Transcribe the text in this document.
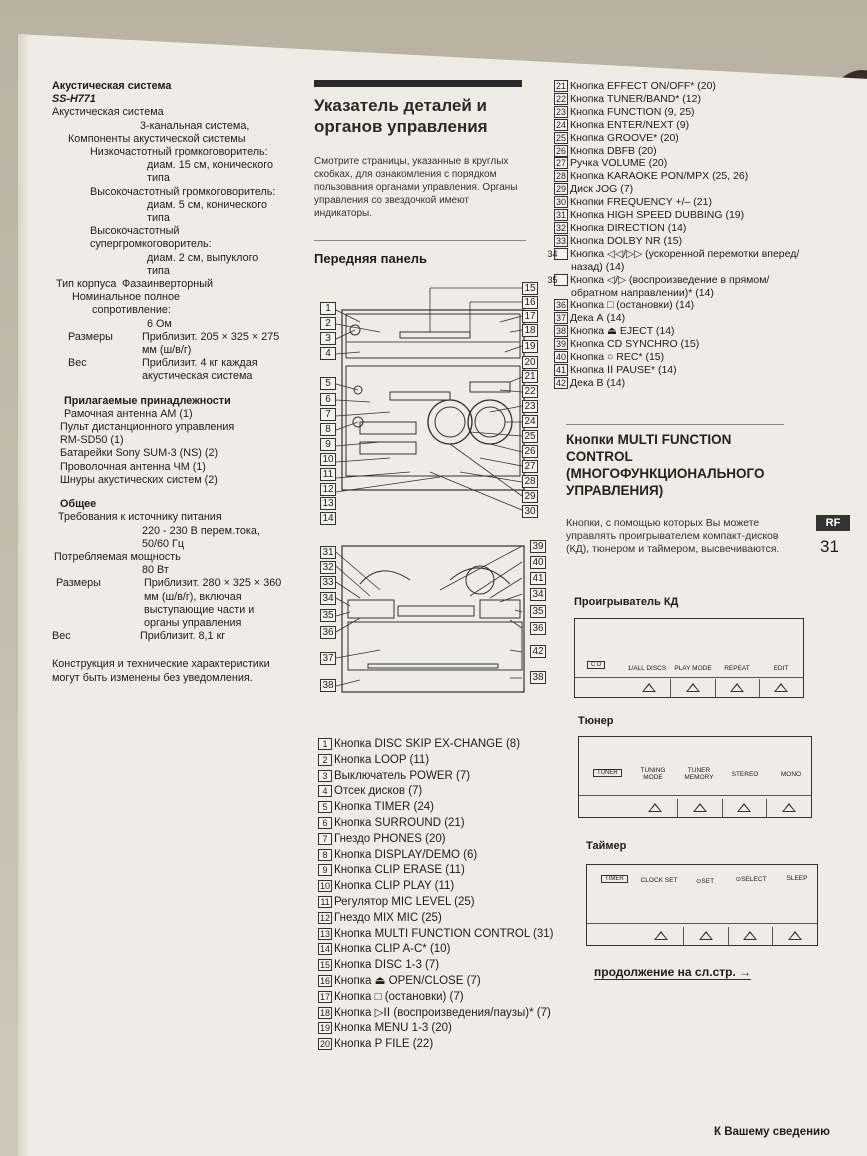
Акустическая система
SS-H771
Акустическая система
3-канальная система,
Компоненты акустической системы
Низкочастотный громкоговоритель:
диам. 15 см, конического
типа
Высокочастотный громкоговоритель:
диам. 5 см, конического
типа
Высокочастотный
супергромкоговоритель:
диам. 2 см, выпуклого
типа
Тип корпуса Фазаинверторный
Номинальное полное
сопротивление:
6 Ом
Размеры	Приблизит. 205 × 325 × 275 мм (ш/в/г)
Вес	Приблизит. 4 кг каждая акустическая система
Прилагаемые принадлежности
Рамочная антенна АМ (1)
Пульт дистанционного управления
RM-SD50 (1)
Батарейки Sony SUM-3 (NS) (2)
Проволочная антенна ЧМ (1)
Шнуры акустических систем (2)
Общее
Требования к источнику питания
220 - 230 В перем.тока, 50/60 Гц
Потребляемая мощность
80 Вт
Размеры	Приблизит. 280 × 325 × 360 мм (ш/в/г), включая выступающие части и органы управления
Вес	Приблизит. 8,1 кг
Конструкция и технические характеристики могут быть изменены без уведомления.
Указатель деталей и органов управления
Смотрите страницы, указанные в круглых скобках, для ознакомления с порядком пользования органами управления. Органы управления со звездочкой имеют индикаторы.
Передняя панель
1
2
3
4
5
6
7
8
9
10
11
12
13
14
15
16
17
18
19
20
21
22
23
24
25
26
27
28
29
30
31
32
33
34
35
36
37
38
39
40
41
34
35
36
42
38
1 Кнопка DISC SKIP EX-CHANGE (8)
2 Кнопка LOOP (11)
3 Выключатель POWER (7)
4 Отсек дисков (7)
5 Кнопка TIMER (24)
6 Кнопка SURROUND (21)
7 Гнездо PHONES (20)
8 Кнопка DISPLAY/DEMO (6)
9 Кнопка CLIP ERASE (11)
10 Кнопка CLIP PLAY (11)
11 Регулятор MIC LEVEL (25)
12 Гнездо MIX MIC (25)
13 Кнопка MULTI FUNCTION CONTROL (31)
14 Кнопка CLIP A-C* (10)
15 Кнопка DISC 1-3 (7)
16 Кнопка ⏏ OPEN/CLOSE (7)
17 Кнопка □ (остановки) (7)
18 Кнопка ▷ⅠⅠ (воспроизведения/паузы)* (7)
19 Кнопка MENU 1-3 (20)
20 Кнопка P FILE (22)
21 Кнопка EFFECT ON/OFF* (20)
22 Кнопка TUNER/BAND* (12)
23 Кнопка FUNCTION (9, 25)
24 Кнопка ENTER/NEXT (9)
25 Кнопка GROOVE* (20)
26 Кнопка DBFB (20)
27 Ручка VOLUME (20)
28 Кнопка KARAOKE PON/MPX (25, 26)
29 Диск JOG (7)
30 Кнопки FREQUENCY +/– (21)
31 Кнопка HIGH SPEED DUBBING (19)
32 Кнопка DIRECTION (14)
33 Кнопка DOLBY NR (15)
34 Кнопка ◁◁/▷▷ (ускоренной перемотки вперед/назад) (14)
35 Кнопка ◁/▷ (воспроизведение в прямом/обратном направлении)* (14)
36 Кнопка □ (остановки) (14)
37 Дека А (14)
38 Кнопка ⏏ EJECT (14)
39 Кнопка CD SYNCHRO (15)
40 Кнопка ○ REC* (15)
41 Кнопка ⅠⅠ PAUSE* (14)
42 Дека В (14)
Кнопки MULTI FUNCTION CONTROL (МНОГОФУНКЦИОНАЛЬНОГО УПРАВЛЕНИЯ)
Кнопки, с помощью которых Вы можете управлять проигрывателем компакт-дисков (КД), тюнером и таймером, высвечиваются.
RF
31
Проигрыватель КД
C D	1/ALL DISCS PLAY MODE	REPEAT	EDIT
Тюнер
TUNER	TUNING MODE
TUNER MEMORY	STEREO	MONO
Таймер
TIMER	CLOCK SET	⊙SET	⊙SELECT	SLEEP
продолжение на сл.стр. →
К Вашему сведению
